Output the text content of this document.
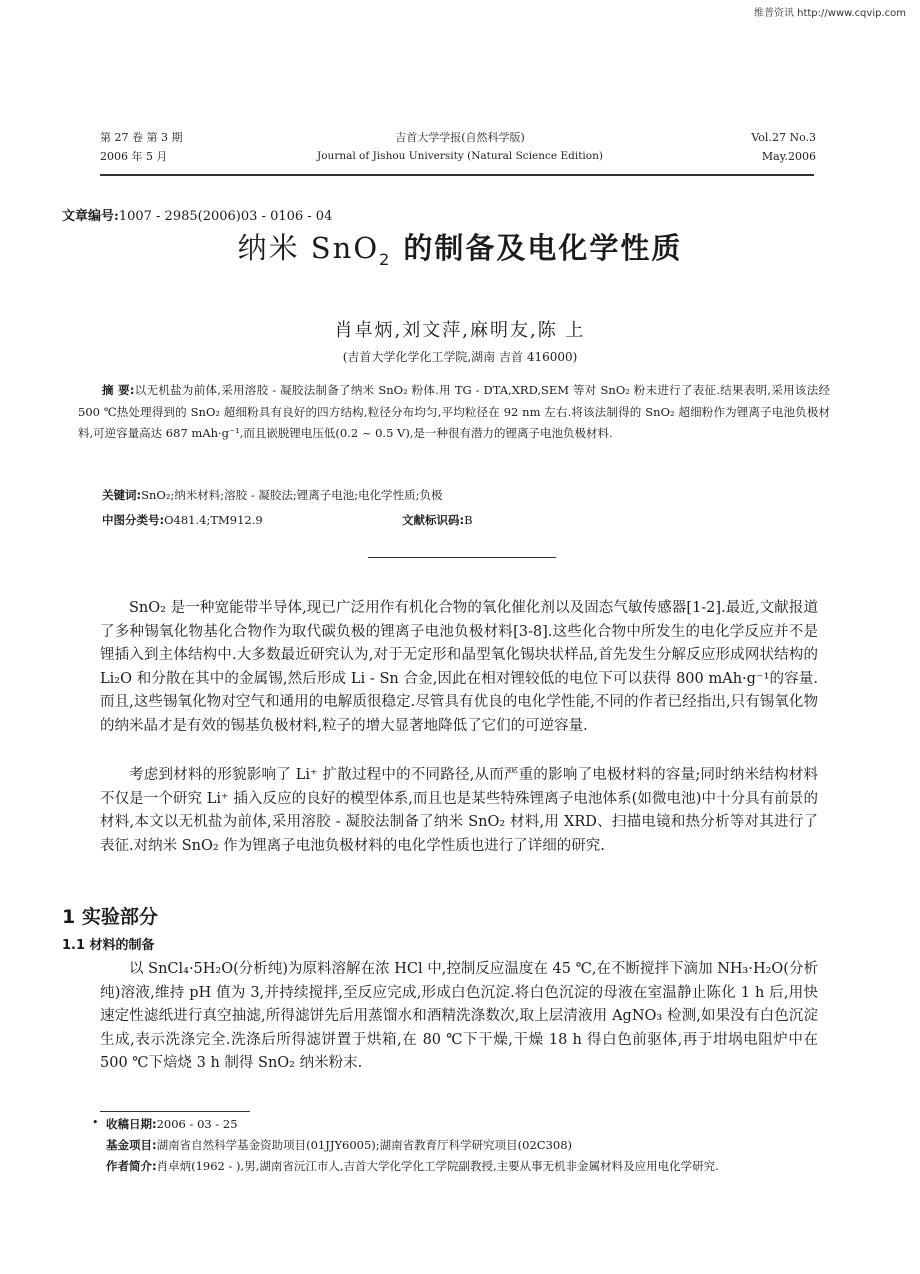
维普资讯 http://www.cqvip.com
第 27 卷 第 3 期
2006 年 5 月
吉首大学学报(自然科学版)
Journal of Jishou University (Natural Science Edition)
Vol.27 No.3
May.2006
文章编号:1007 - 2985(2006)03 - 0106 - 04
纳米 SnO$_2$ 的制备及电化学性质
肖卓炳,刘文萍,麻明友,陈 上
(吉首大学化学化工学院,湖南 吉首 416000)
摘 要:以无机盐为前体,采用溶胶 - 凝胶法制备了纳米 SnO₂ 粉体.用 TG - DTA,XRD,SEM 等对 SnO₂ 粉末进行了表征.结果表明,采用该法经 500 ℃热处理得到的 SnO₂ 超细粉具有良好的四方结构,粒径分布均匀,平均粒径在 92 nm 左右.将该法制得的 SnO₂ 超细粉作为锂离子电池负极材料,可逆容量高达 687 mAh·g⁻¹,而且嵌脱锂电压低(0.2 ~ 0.5 V),是一种很有潜力的锂离子电池负极材料.
关键词:SnO₂;纳米材料;溶胶 - 凝胶法;锂离子电池;电化学性质;负极
中图分类号:O481.4;TM912.9	文献标识码:B
SnO₂ 是一种宽能带半导体,现已广泛用作有机化合物的氧化催化剂以及固态气敏传感器[1-2].最近,文献报道了多种锡氧化物基化合物作为取代碳负极的锂离子电池负极材料[3-8].这些化合物中所发生的电化学反应并不是锂插入到主体结构中.大多数最近研究认为,对于无定形和晶型氧化锡块状样品,首先发生分解反应形成网状结构的 Li₂O 和分散在其中的金属锡,然后形成 Li - Sn 合金,因此在相对锂较低的电位下可以获得 800 mAh·g⁻¹的容量.而且,这些锡氧化物对空气和通用的电解质很稳定.尽管具有优良的电化学性能,不同的作者已经指出,只有锡氧化物的纳米晶才是有效的锡基负极材料,粒子的增大显著地降低了它们的可逆容量.
考虑到材料的形貌影响了 Li⁺ 扩散过程中的不同路径,从而严重的影响了电极材料的容量;同时纳米结构材料不仅是一个研究 Li⁺ 插入反应的良好的模型体系,而且也是某些特殊锂离子电池体系(如微电池)中十分具有前景的材料,本文以无机盐为前体,采用溶胶 - 凝胶法制备了纳米 SnO₂ 材料,用 XRD、扫描电镜和热分析等对其进行了表征.对纳米 SnO₂ 作为锂离子电池负极材料的电化学性质也进行了详细的研究.
1 实验部分
1.1 材料的制备
以 SnCl₄·5H₂O(分析纯)为原料溶解在浓 HCl 中,控制反应温度在 45 ℃,在不断搅拌下滴加 NH₃·H₂O(分析纯)溶液,维持 pH 值为 3,并持续搅拌,至反应完成,形成白色沉淀.将白色沉淀的母液在室温静止陈化 1 h 后,用快速定性滤纸进行真空抽滤,所得滤饼先后用蒸馏水和酒精洗涤数次,取上层清液用 AgNO₃ 检测,如果没有白色沉淀生成,表示洗涤完全.洗涤后所得滤饼置于烘箱,在 80 ℃下干燥,干燥 18 h 得白色前驱体,再于坩埚电阻炉中在 500 ℃下焙烧 3 h 制得 SnO₂ 纳米粉末.
• 收稿日期:2006 - 03 - 25
基金项目:湖南省自然科学基金资助项目(01JJY6005);湖南省教育厅科学研究项目(02C308)
作者简介:肖卓炳(1962 - ),男,湖南省沅江市人,吉首大学化学化工学院副教授,主要从事无机非金属材料及应用电化学研究.
